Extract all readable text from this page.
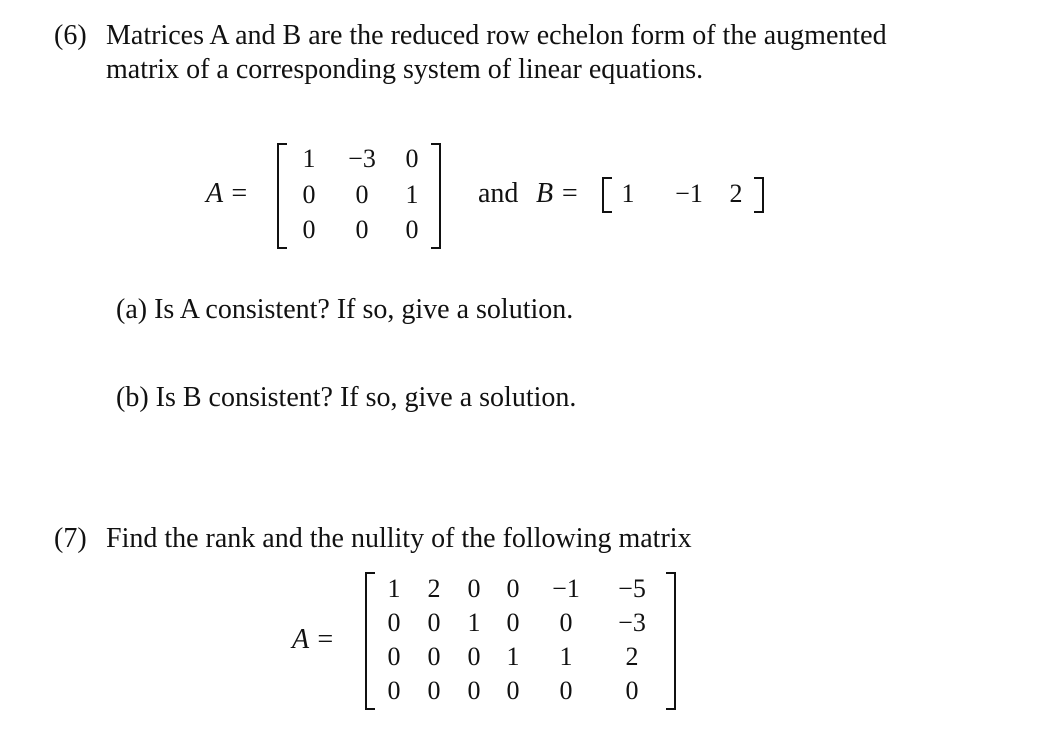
(6) Matrices A and B are the reduced row echelon form of the augmented
matrix of a corresponding system of linear equations.
A =
1	−3	0
0	0	1
0	0	0
and B =	1	−1	2
(a) Is A consistent? If so, give a solution.
(b) Is B consistent? If so, give a solution.
(7) Find the rank and the nullity of the following matrix
A =
1	2	0	0	−1	−5
0	0	1	0	0	−3
0	0	0	1	1	2
0	0	0	0	0	0
